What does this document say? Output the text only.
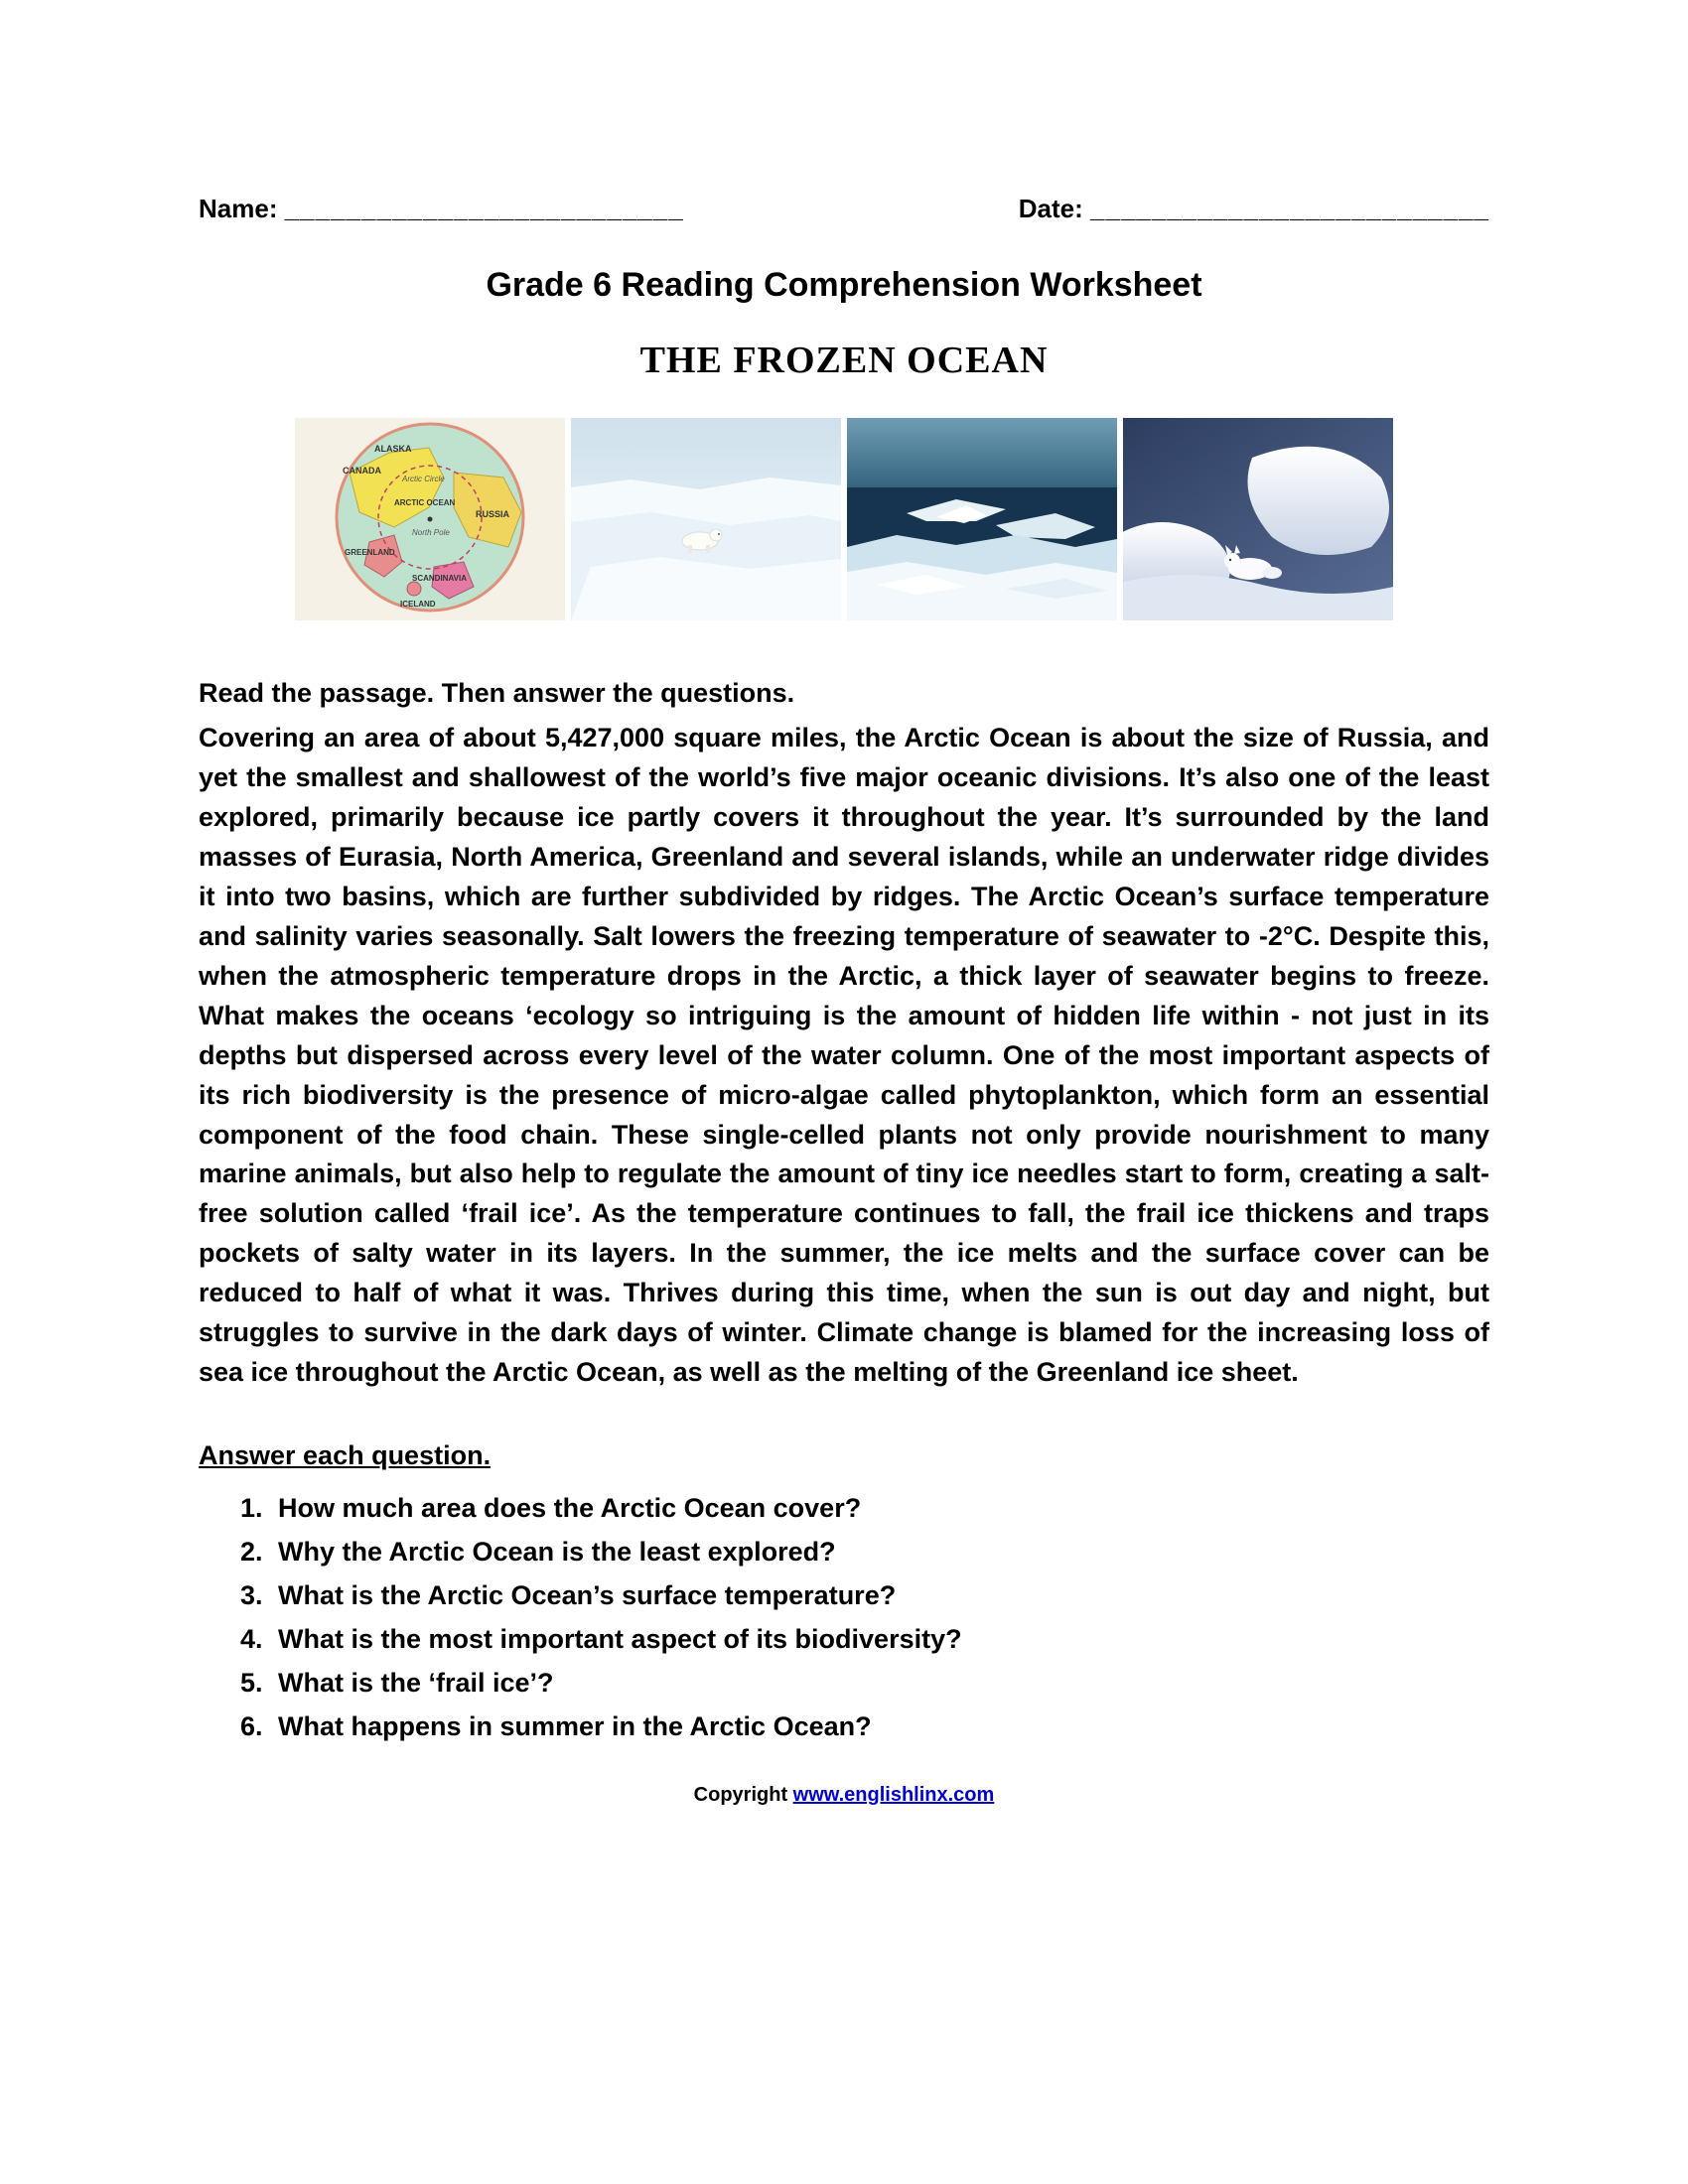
Name: __________________________	Date: __________________________
Grade 6 Reading Comprehension Worksheet
THE FROZEN OCEAN
ALASKA
CANADA
Arctic Circle
ARCTIC OCEAN
RUSSIA
North Pole
GREENLAND
SCANDINAVIA
ICELAND

Read the passage. Then answer the questions.

Covering an area of about 5,427,000 square miles, the Arctic Ocean is about the size of Russia, and yet the smallest and shallowest of the world’s five major oceanic divisions. It’s also one of the least explored, primarily because ice partly covers it throughout the year. It’s surrounded by the land masses of Eurasia, North America, Greenland and several islands, while an underwater ridge divides it into two basins, which are further subdivided by ridges. The Arctic Ocean’s surface temperature and salinity varies seasonally. Salt lowers the freezing temperature of seawater to -2°C. Despite this, when the atmospheric temperature drops in the Arctic, a thick layer of seawater begins to freeze. What makes the oceans ‘ecology so intriguing is the amount of hidden life within - not just in its depths but dispersed across every level of the water column. One of the most important aspects of its rich biodiversity is the presence of micro-algae called phytoplankton, which form an essential component of the food chain. These single-celled plants not only provide nourishment to many marine animals, but also help to regulate the amount of tiny ice needles start to form, creating a salt-free solution called ‘frail ice’. As the temperature continues to fall, the frail ice thickens and traps pockets of salty water in its layers. In the summer, the ice melts and the surface cover can be reduced to half of what it was. Thrives during this time, when the sun is out day and night, but struggles to survive in the dark days of winter. Climate change is blamed for the increasing loss of sea ice throughout the Arctic Ocean, as well as the melting of the Greenland ice sheet.

Answer each question.

1. How much area does the Arctic Ocean cover?
2. Why the Arctic Ocean is the least explored?
3. What is the Arctic Ocean’s surface temperature?
4. What is the most important aspect of its biodiversity?
5. What is the ‘frail ice’?
6. What happens in summer in the Arctic Ocean?
Copyright www.englishlinx.com
